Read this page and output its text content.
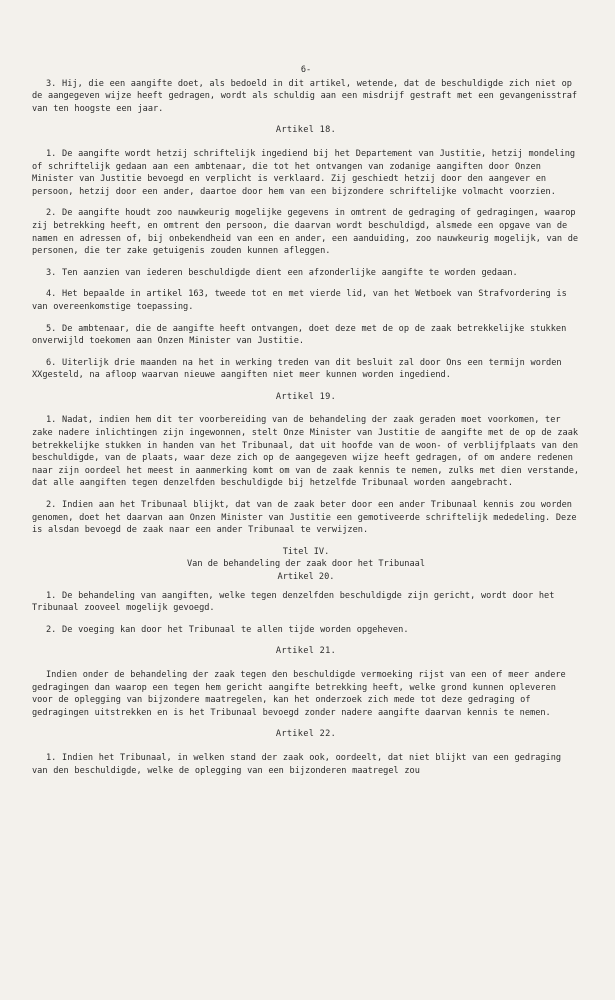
6-
3. Hij, die een aangifte doet, als bedoeld in dit artikel, wetende, dat de beschuldigde zich niet op de aangegeven wijze heeft gedragen, wordt als schuldig aan een misdrijf gestraft met een gevangenisstraf van ten hoogste een jaar.
Artikel 18.
1. De aangifte wordt hetzij schriftelijk ingediend bij het Departement van Justitie, hetzij mondeling of schriftelijk gedaan aan een ambtenaar, die tot het ontvangen van zodanige aangiften door Onzen Minister van Justitie bevoegd en verplicht is verklaard. Zij geschiedt hetzij door den aangever en persoon, hetzij door een ander, daartoe door hem van een bijzondere schriftelijke volmacht voorzien.
2. De aangifte houdt zoo nauwkeurig mogelijke gegevens in omtrent de gedraging of gedragingen, waarop zij betrekking heeft, en omtrent den persoon, die daarvan wordt beschuldigd, alsmede een opgave van de namen en adressen of, bij onbekendheid van een en ander, een aanduiding, zoo nauwkeurig mogelijk, van de personen, die ter zake getuigenis zouden kunnen afleggen.
3. Ten aanzien van iederen beschuldigde dient een afzonderlijke aangifte te worden gedaan.
4. Het bepaalde in artikel 163, tweede tot en met vierde lid, van het Wetboek van Strafvordering is van overeenkomstige toepassing.
5. De ambtenaar, die de aangifte heeft ontvangen, doet deze met de op de zaak betrekkelijke stukken onverwijld toekomen aan Onzen Minister van Justitie.
6. Uiterlijk drie maanden na het in werking treden van dit besluit zal door Ons een termijn worden XXgesteld, na afloop waarvan nieuwe aangiften niet meer kunnen worden ingediend.
Artikel 19.
1. Nadat, indien hem dit ter voorbereiding van de behandeling der zaak geraden moet voorkomen, ter zake nadere inlichtingen zijn ingewonnen, stelt Onze Minister van Justitie de aangifte met de op de zaak betrekkelijke stukken in handen van het Tribunaal, dat uit hoofde van de woon- of verblijfplaats van den beschuldigde, van de plaats, waar deze zich op de aangegeven wijze heeft gedragen, of om andere redenen naar zijn oordeel het meest in aanmerking komt om van de zaak kennis te nemen, zulks met dien verstande, dat alle aangiften tegen denzelfden beschuldigde bij hetzelfde Tribunaal worden aangebracht.
2. Indien aan het Tribunaal blijkt, dat van de zaak beter door een ander Tribunaal kennis zou worden genomen, doet het daarvan aan Onzen Minister van Justitie een gemotiveerde schriftelijk mededeling. Deze is alsdan bevoegd de zaak naar een ander Tribunaal te verwijzen.
Titel IV.
Van de behandeling der zaak door het Tribunaal
Artikel 20.
1. De behandeling van aangiften, welke tegen denzelfden beschuldigde zijn gericht, wordt door het Tribunaal zooveel mogelijk gevoegd.
2. De voeging kan door het Tribunaal te allen tijde worden opgeheven.
Artikel 21.
Indien onder de behandeling der zaak tegen den beschuldigde vermoeking rijst van een of meer andere gedragingen dan waarop een tegen hem gericht aangifte betrekking heeft, welke grond kunnen opleveren voor de oplegging van bijzondere maatregelen, kan het onderzoek zich mede tot deze gedraging of gedragingen uitstrekken en is het Tribunaal bevoegd zonder nadere aangifte daarvan kennis te nemen.
Artikel 22.
1. Indien het Tribunaal, in welken stand der zaak ook, oordeelt, dat niet blijkt van een gedraging van den beschuldigde, welke de oplegging van een bijzonderen maatregel zou
